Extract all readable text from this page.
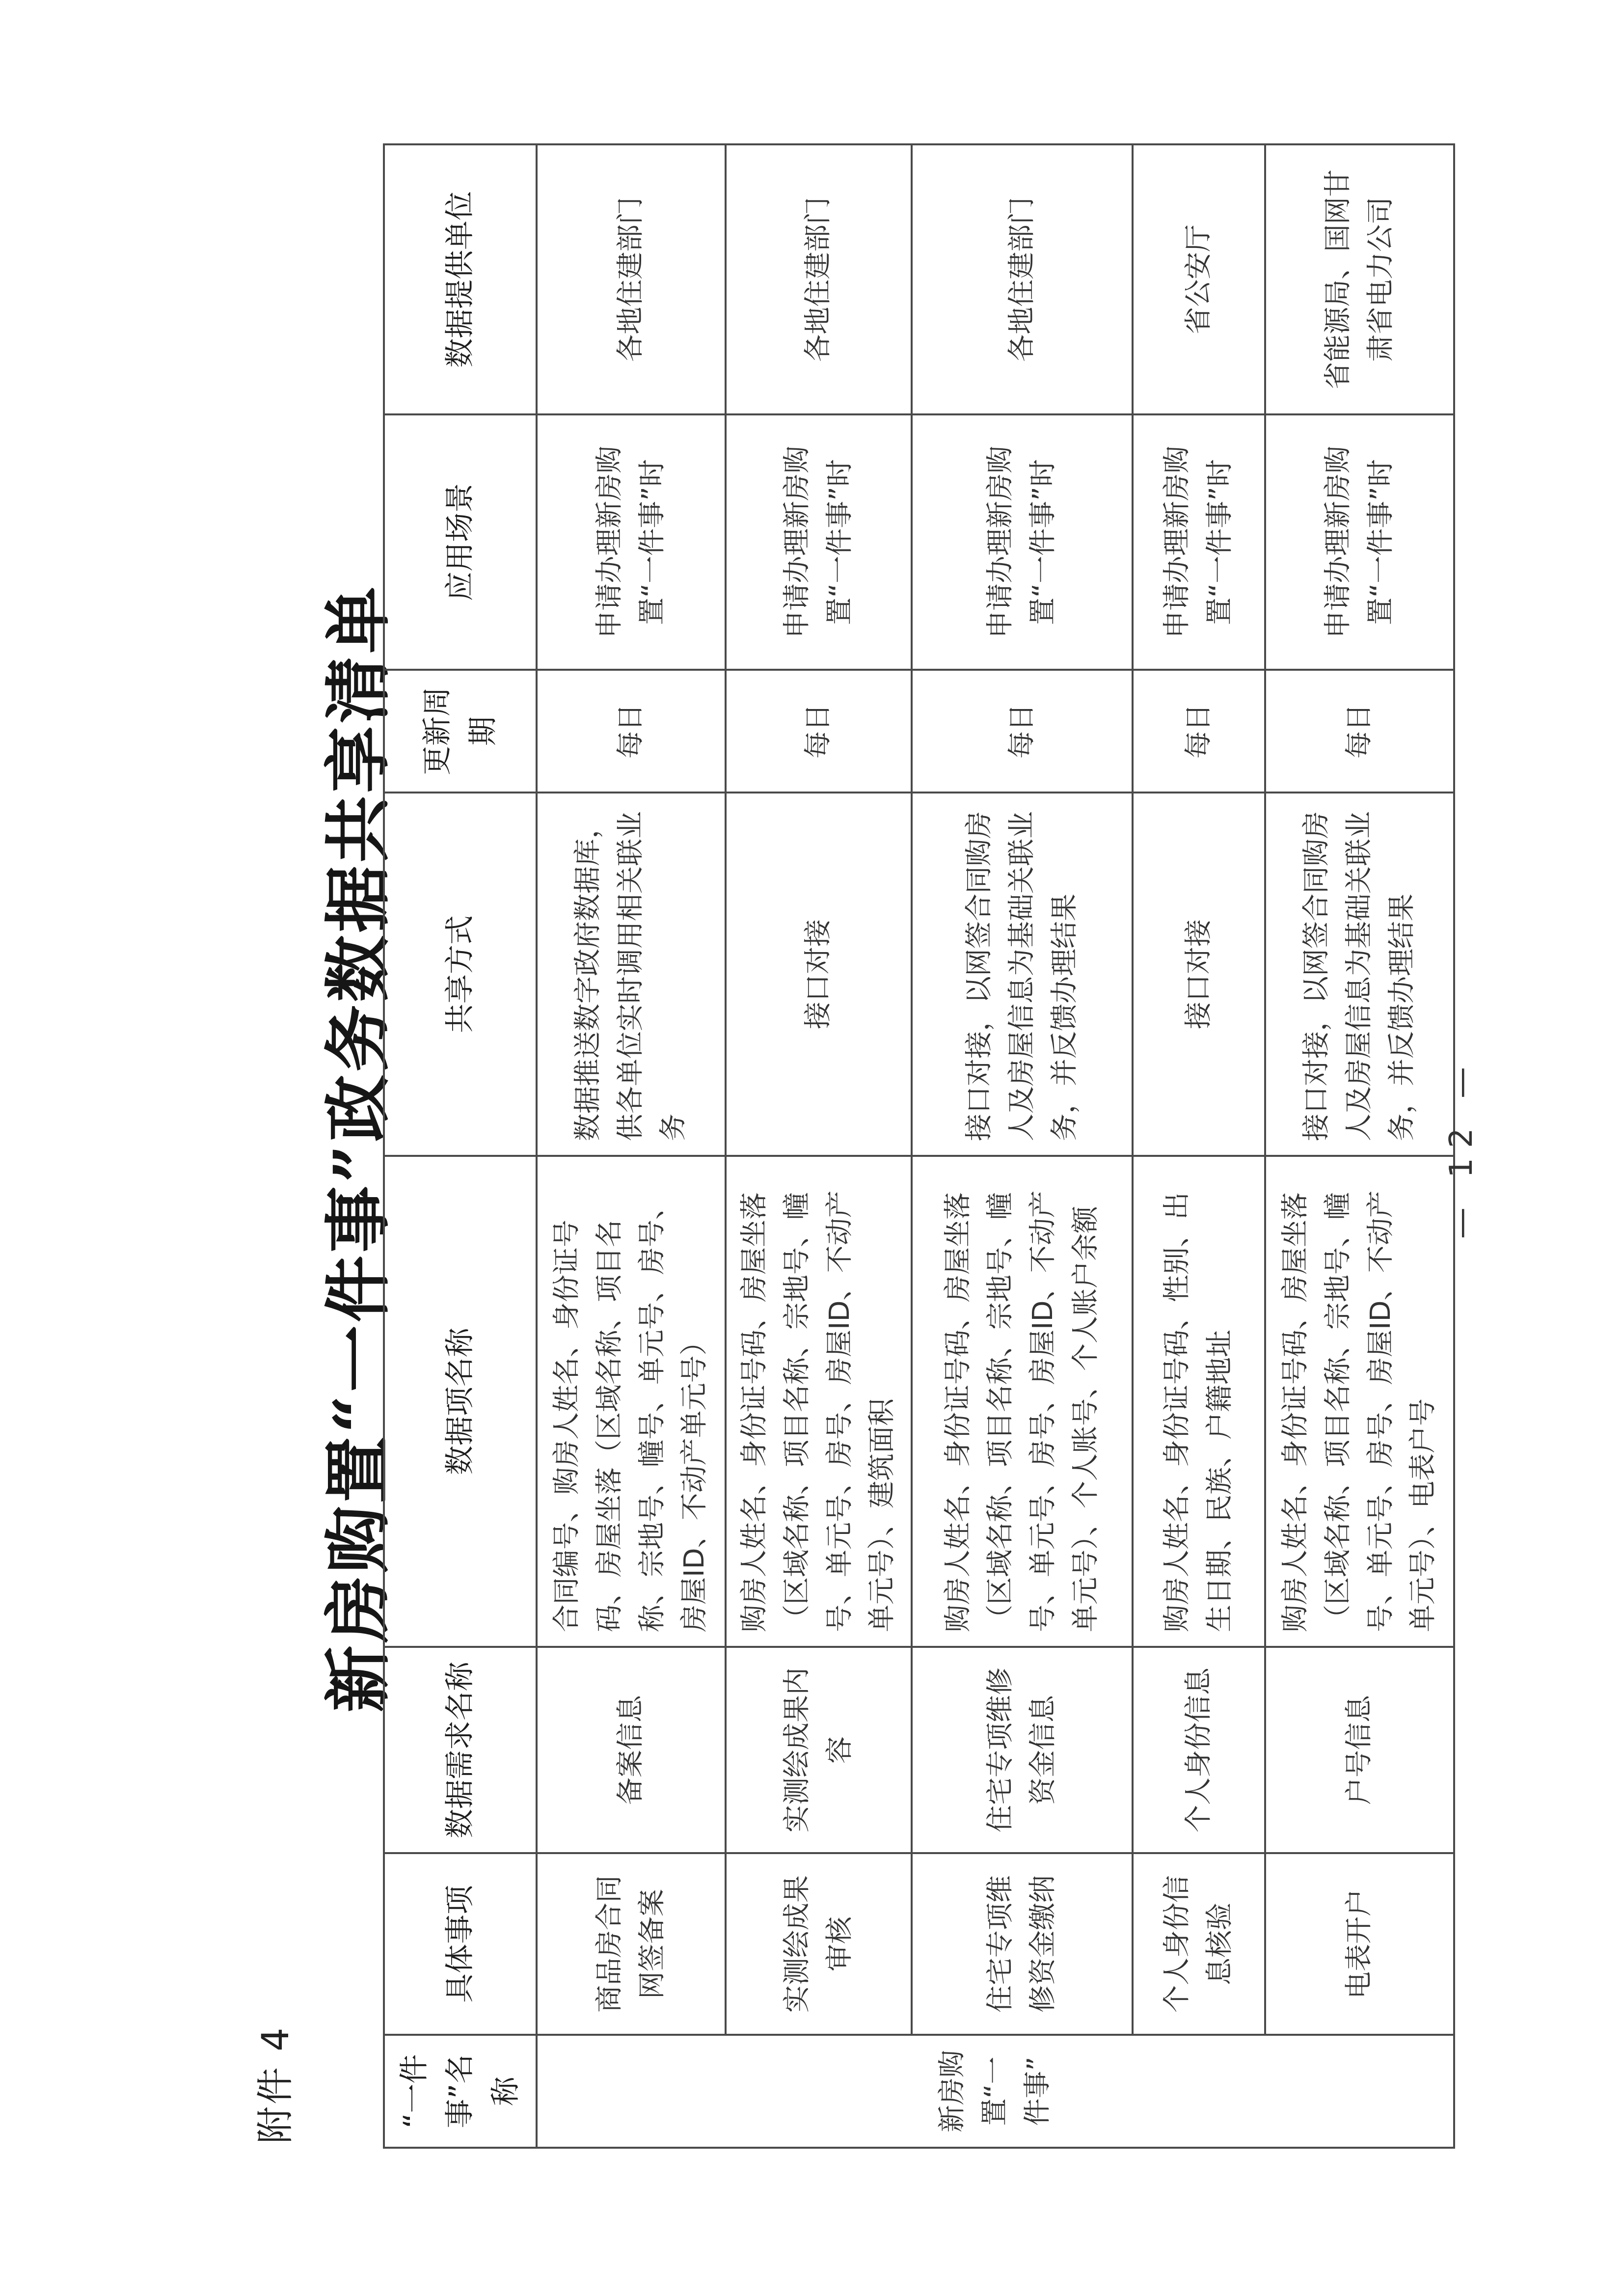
附件 4
新房购置“一件事”政务数据共享清单
“一件事”名称	具体事项	数据需求名称	数据项名称	共享方式	更新周期	应用场景	数据提供单位
新房购置“一件事”	商品房合同网签备案	备案信息	合同编号、购房人姓名、身份证号码、房屋坐落（区域名称、项目名称、宗地号、幢号、单元号、房号、房屋ID、不动产单元号）	数据推送数字政府数据库，供各单位实时调用相关联业务	每日	申请办理新房购置“一件事”时	各地住建部门
	实测绘成果审核	实测绘成果内容	购房人姓名、身份证号码、房屋坐落（区域名称、项目名称、宗地号、幢号、单元号、房号、房屋ID、不动产单元号）、建筑面积	接口对接	每日	申请办理新房购置“一件事”时	各地住建部门
	住宅专项维修资金缴纳	住宅专项维修资金信息	购房人姓名、身份证号码、房屋坐落（区域名称、项目名称、宗地号、幢号、单元号、房号、房屋ID、不动产单元号）、个人账号、个人账户余额	接口对接，以网签合同购房人及房屋信息为基础关联业务，并反馈办理结果	每日	申请办理新房购置“一件事”时	各地住建部门
	个人身份信息核验	个人身份信息	购房人姓名、身份证号码、性别、出生日期、民族、户籍地址	接口对接	每日	申请办理新房购置“一件事”时	省公安厅
	电表开户	户号信息	购房人姓名、身份证号码、房屋坐落（区域名称、项目名称、宗地号、幢号、单元号、房号、房屋ID、不动产单元号）、电表户号	接口对接，以网签合同购房人及房屋信息为基础关联业务，并反馈办理结果	每日	申请办理新房购置“一件事”时	省能源局、国网甘肃省电力公司
— 12 —
